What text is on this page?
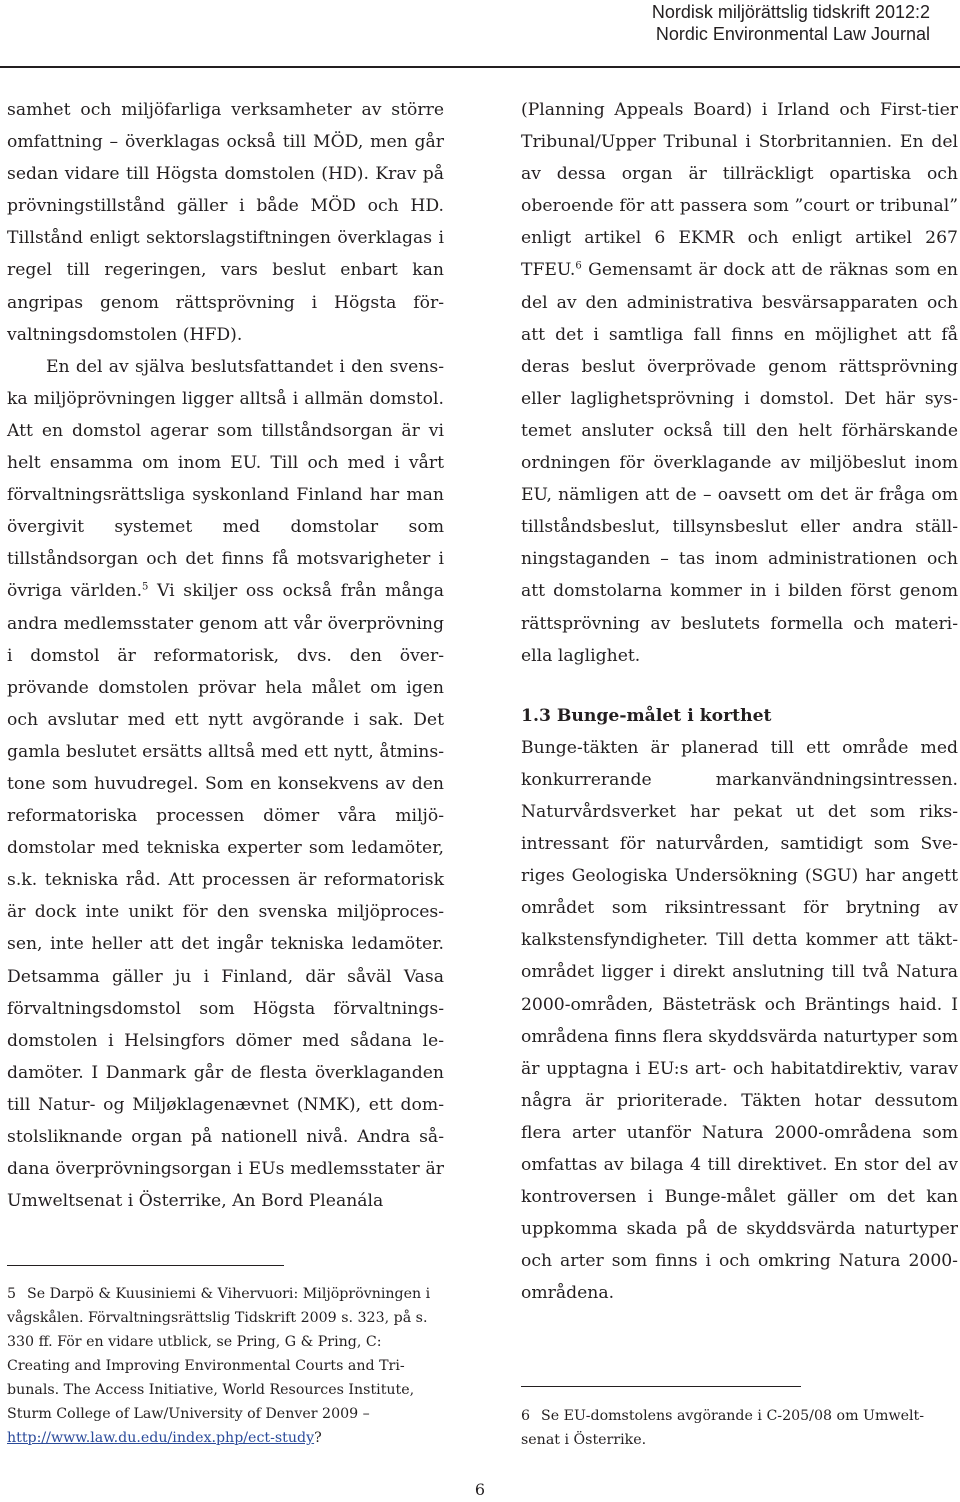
Nordisk miljörättslig tidskrift 2012:2
Nordic Environmental Law Journal

samhet och miljöfarliga verksamheter av större omfattning – överklagas också till MÖD, men går sedan vidare till Högsta domstolen (HD). Krav på prövningstillstånd gäller i både MÖD och HD. Tillstånd enligt sektorslagstiftningen överklagas i regel till regeringen, vars beslut enbart kan angripas genom rättsprövning i Högsta förvaltningsdomstolen (HFD).

En del av själva beslutsfattandet i den svenska miljöprövningen ligger alltså i allmän domstol. Att en domstol agerar som tillståndsorgan är vi helt ensamma om inom EU. Till och med i vårt förvaltningsrättsliga syskonland Finland har man övergivit systemet med domstolar som tillståndsorgan och det finns få motsvarigheter i övriga världen.$^5$ Vi skiljer oss också från många andra medlemsstater genom att vår överprövning i domstol är reformatorisk, dvs. den överprövande domstolen prövar hela målet om igen och avslutar med ett nytt avgörande i sak. Det gamla beslutet ersätts alltså med ett nytt, åtminstone som huvudregel. Som en konsekvens av den reformatoriska processen dömer våra miljödomstolar med tekniska experter som ledamöter, s.k. tekniska råd. Att processen är reformatorisk är dock inte unikt för den svenska miljöprocessen, inte heller att det ingår tekniska ledamöter. Detsamma gäller ju i Finland, där såväl Vasa förvaltningsdomstol som Högsta förvaltningsdomstolen i Helsingfors dömer med sådana ledamöter. I Danmark går de flesta överklaganden till Natur- og Miljøklagenævnet (NMK), ett domstolsliknande organ på nationell nivå. Andra sådana överprövningsorgan i EUs medlemsstater är Umweltsenat i Österrike, An Bord Pleanála

(Planning Appeals Board) i Irland och First-tier Tribunal/Upper Tribunal i Storbritannien. En del av dessa organ är tillräckligt opartiska och oberoende för att passera som ”court or tribunal” enligt artikel 6 EKMR och enligt artikel 267 TFEU.$^6$ Gemensamt är dock att de räknas som en del av den administrativa besvärsapparaten och att det i samtliga fall finns en möjlighet att få deras beslut överprövade genom rättsprövning eller laglighetsprövning i domstol. Det här systemet ansluter också till den helt förhärskande ordningen för överklagande av miljöbeslut inom EU, nämligen att de – oavsett om det är fråga om tillståndsbeslut, tillsynsbeslut eller andra ställningstaganden – tas inom administrationen och att domstolarna kommer in i bilden först genom rättsprövning av beslutets formella och materiella laglighet.

1.3 Bunge-målet i korthet

Bunge-täkten är planerad till ett område med konkurrerande markanvändningsintressen. Naturvårdsverket har pekat ut det som riksintressant för naturvården, samtidigt som Sveriges Geologiska Undersökning (SGU) har angett området som riksintressant för brytning av kalkstensfyndigheter. Till detta kommer att täktområdet ligger i direkt anslutning till två Natura 2000-områden, Bästeträsk och Bräntings haid. I områdena finns flera skyddsvärda naturtyper som är upptagna i EU:s art- och habitatdirektiv, varav några är prioriterade. Täkten hotar dessutom flera arter utanför Natura 2000-områdena som omfattas av bilaga 4 till direktivet. En stor del av kontroversen i Bunge-målet gäller om det kan uppkomma skada på de skyddsvärda naturtyper och arter som finns i och omkring Natura 2000-områdena.

5 Se Darpö & Kuusiniemi & Vihervuori: Miljöprövningen i vågskålen. Förvaltningsrättslig Tidskrift 2009 s. 323, på s. 330 ff. För en vidare utblick, se Pring, G & Pring, C: Creating and Improving Environmental Courts and Tribunals. The Access Initiative, World Resources Institute, Sturm College of Law/University of Denver 2009 – http://www.law.du.edu/index.php/ect-study?
6 Se EU-domstolens avgörande i C-205/08 om Umweltsenat i Österrike.
6
